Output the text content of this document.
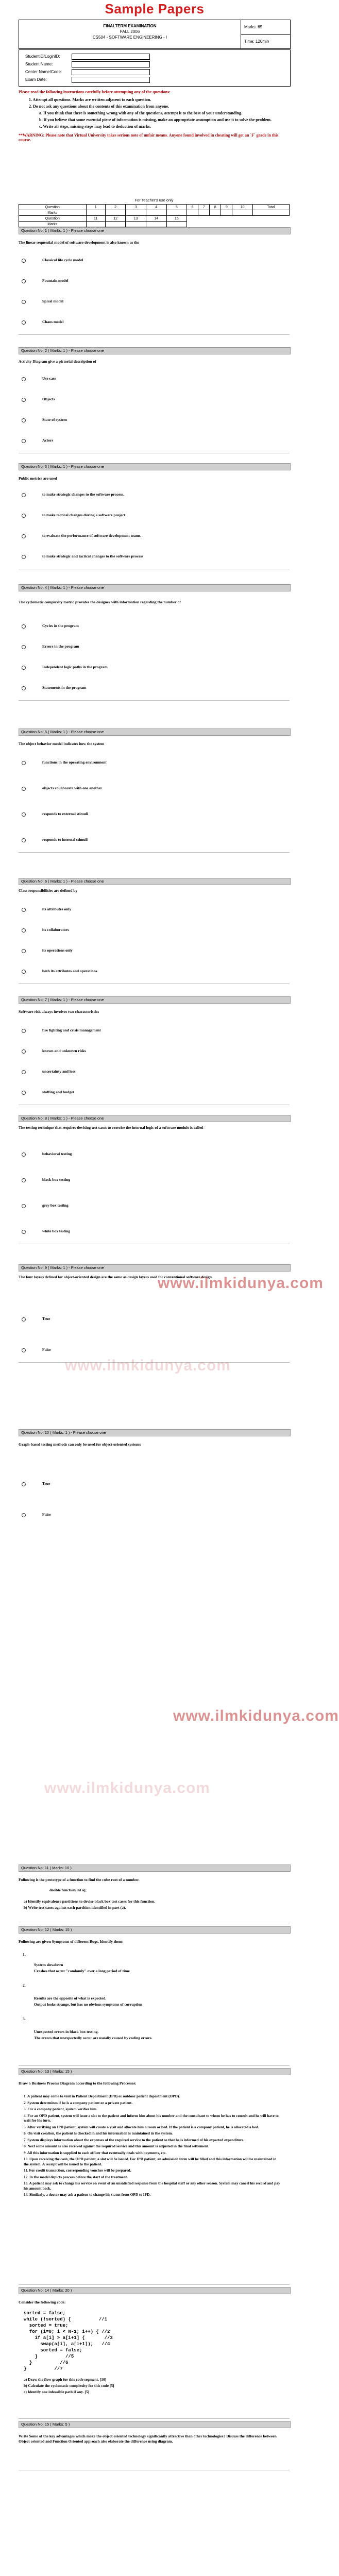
Sample Papers
FINALTERM EXAMINATION
FALL 2006
CS504 - SOFTWARE ENGINEERING - I
Marks: 65
Time: 120min
StudentID/LoginID:
Student Name:
Center Name/Code:
Exam Date:

Please read the following instructions carefully before attempting any of the questions:

1. Attempt all questions. Marks are written adjacent to each question.

2. Do not ask any questions about the contents of this examination from anyone.

a. If you think that there is something wrong with any of the questions, attempt it to the best of your understanding.

b. If you believe that some essential piece of information is missing, make an appropriate assumption and use it to solve the problem.

c. Write all steps, missing steps may lead to deduction of marks.

**WARNING: Please note that Virtual University takes serious note of unfair means. Anyone found involved in cheating will get an `F` grade in this course.

For Teacher's use only
Question	1	2	3	4	5	6	7	8	9	10	Total
Marks											
Question	11	12	13	14	15						
Marks											
Question No: 1 ( Marks: 1 ) - Please choose one
The linear sequential model of software development is also known as the
Classical life cycle model
Fountain model
Spiral model
Chaos model
Question No: 2 ( Marks: 1 ) - Please choose one
Activity Diagram give a pictorial description of
Use case
Objects
State of system
Actors
Question No: 3 ( Marks: 1 ) - Please choose one
Public metrics are used
to make strategic changes to the software process.
to make tactical changes during a software project.
to evaluate the performance of software development teams.
to make strategic and tactical changes to the software process
Question No: 4 ( Marks: 1 ) - Please choose one
The cyclomatic complexity metric provides the designer with information regarding the number of
Cycles in the program
Errors in the program
Independent logic paths in the program
Statements in the program
Question No: 5 ( Marks: 1 ) - Please choose one
The object behavior model indicates how the system
functions in the operating environment
objects collaborate with one another
responds to external stimuli
responds to internal stimuli
Question No: 6 ( Marks: 1 ) - Please choose one
Class responsibilities are defined by
its attributes only
its collaborators
its operations only
both its attributes and operations
Question No: 7 ( Marks: 1 ) - Please choose one
Software risk always involves two characteristics
fire fighting and crisis management
known and unknown risks
uncertainty and loss
staffing and budget
Question No: 8 ( Marks: 1 ) - Please choose one
The testing technique that requires devising test cases to exercise the internal logic of a software module is called
behavioral testing
black box testing
grey box testing
white box testing
Question No: 9 ( Marks: 1 ) - Please choose one
The four layers defined for object-oriented design are the same as design layers used for conventional software design.
True
False
Question No: 10 ( Marks: 1 ) - Please choose one
Graph-based testing methods can only be used for object-oriented systems
True
False
www.ilmkidunya.com
www.ilmkidunya.com
www.ilmkidunya.com
www.ilmkidunya.com
Question No: 11 ( Marks: 10 )
Following is the prototype of a function to find the cube root of a number.
double function(int a);
a) Identify equivalence partitions to devise black box test cases for this function.
b) Write test cases against each partition identified in part (a).
Question No: 12 ( Marks: 15 )
Following are given Symptoms of different Bugs. Identify them:
1.
System slowdown
Crashes that occur "randomly" over a long period of time
2.
Results are the opposite of what is expected.
Output looks strange, but has no obvious symptoms of corruption
3.
Unexpected errors in black box testing.
The errors that unexpectedly occur are usually caused by coding errors.
Question No: 13 ( Marks: 15 )
Draw a Business Process Diagram according to the following Processes:
1. A patient may come to visit in Patient Department (IPD) or outdoor patient department (OPD).
2. System determines if he is a company patient or a private patient.
3. For a company patient, system verifies him.
4. For an OPD patient, system will issue a slot to the patient and inform him about his number and the consultant to whom he has to consult and he will have to wait for his turn.
5. After verifying an IPD patient, system will create a visit and allocate him a room or bed. If the patient is a company patient, he is allocated a bed.
6. On visit creation, the patient is checked in and his information is maintained in the system.
7. System displays information about the expenses of the required service to the patient so that he is informed of his expected expenditure.
8. Next some amount is also received against the required service and this amount is adjusted in the final settlement.
9. All this information is supplied to each officer that eventually deals with payments, etc.
10. Upon receiving the cash, the OPD patient, a slot will be issued. For IPD patient, an admission form will be filled and this information will be maintained in the system. A receipt will be issued to the patient.
11. For credit transaction, corresponding voucher will be prepared.
12. In the model depicts process before the start of the treatment.
13. A patient may ask to change his service on event of an unsatisfied response from the hospital staff or any other reason. System may cancel his record and pay his amount back.
14. Similarly, a doctor may ask a patient to change his status from OPD to IPD.
Question No: 14 ( Marks: 20 )
Consider the following code:
sorted = false;
while (!sorted) {          //1
sorted = true;
for (i=0; i < N-1; i++) { //2
if a[i] > a[i+1] {       //3
swap(a[i], a[i+1]);   //4
sorted = false;
}          //5
}          //6
}          //7
a) Draw the flow graph for this code segment. [10]
b) Calculate the cyclomatic complexity for this code [5]
c) Identify one infeasible path if any. [5]
Question No: 15 ( Marks: 5 )
Write Some of the key advantages which make the object oriented technology significantly attractive than other technologies? Discuss the difference between Object oriented and Function Oriented approach also elaborate the difference using diagram.
